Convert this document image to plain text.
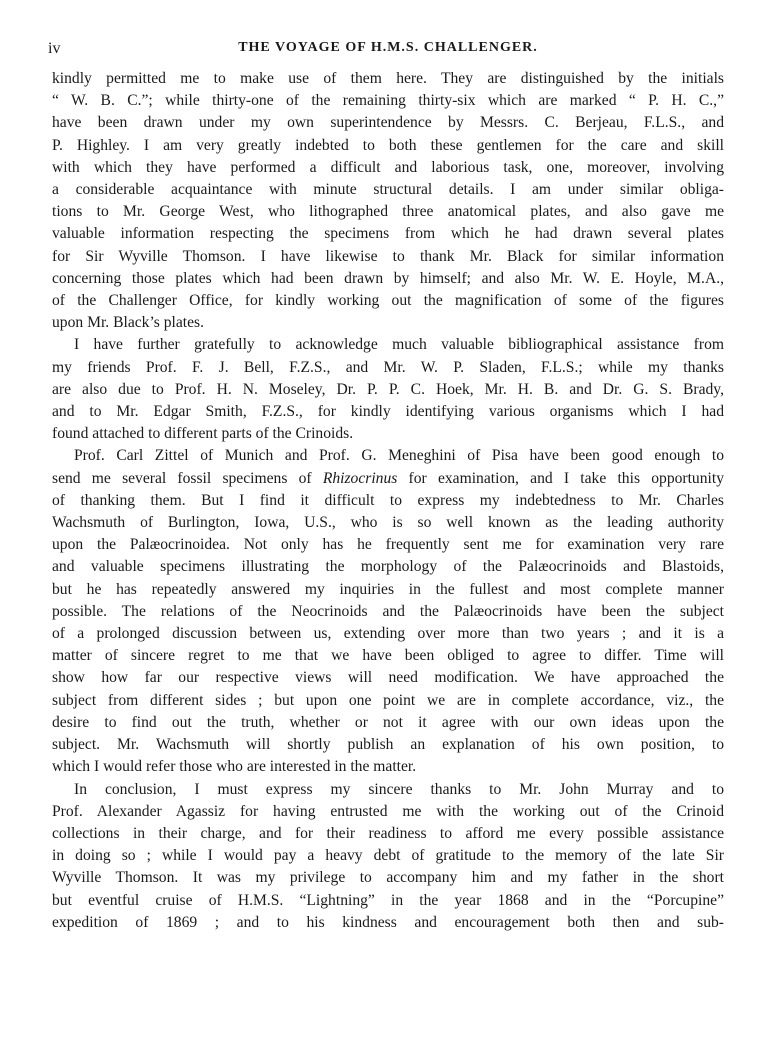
iv	THE VOYAGE OF H.M.S. CHALLENGER.
kindly permitted me to make use of them here. They are distinguished by the initials
“ W. B. C.”; while thirty-one of the remaining thirty-six which are marked “ P. H. C.,”
have been drawn under my own superintendence by Messrs. C. Berjeau, F.L.S., and
P. Highley. I am very greatly indebted to both these gentlemen for the care and skill
with which they have performed a difficult and laborious task, one, moreover, involving
a considerable acquaintance with minute structural details. I am under similar obliga-
tions to Mr. George West, who lithographed three anatomical plates, and also gave me
valuable information respecting the specimens from which he had drawn several plates
for Sir Wyville Thomson. I have likewise to thank Mr. Black for similar information
concerning those plates which had been drawn by himself; and also Mr. W. E. Hoyle, M.A.,
of the Challenger Office, for kindly working out the magnification of some of the figures
upon Mr. Black’s plates.
I have further gratefully to acknowledge much valuable bibliographical assistance from
my friends Prof. F. J. Bell, F.Z.S., and Mr. W. P. Sladen, F.L.S.; while my thanks
are also due to Prof. H. N. Moseley, Dr. P. P. C. Hoek, Mr. H. B. and Dr. G. S. Brady,
and to Mr. Edgar Smith, F.Z.S., for kindly identifying various organisms which I had
found attached to different parts of the Crinoids.
Prof. Carl Zittel of Munich and Prof. G. Meneghini of Pisa have been good enough to
send me several fossil specimens of Rhizocrinus for examination, and I take this opportunity
of thanking them. But I find it difficult to express my indebtedness to Mr. Charles
Wachsmuth of Burlington, Iowa, U.S., who is so well known as the leading authority
upon the Palæocrinoidea. Not only has he frequently sent me for examination very rare
and valuable specimens illustrating the morphology of the Palæocrinoids and Blastoids,
but he has repeatedly answered my inquiries in the fullest and most complete manner
possible. The relations of the Neocrinoids and the Palæocrinoids have been the subject
of a prolonged discussion between us, extending over more than two years ; and it is a
matter of sincere regret to me that we have been obliged to agree to differ. Time will
show how far our respective views will need modification. We have approached the
subject from different sides ; but upon one point we are in complete accordance, viz., the
desire to find out the truth, whether or not it agree with our own ideas upon the
subject. Mr. Wachsmuth will shortly publish an explanation of his own position, to
which I would refer those who are interested in the matter.
In conclusion, I must express my sincere thanks to Mr. John Murray and to
Prof. Alexander Agassiz for having entrusted me with the working out of the Crinoid
collections in their charge, and for their readiness to afford me every possible assistance
in doing so ; while I would pay a heavy debt of gratitude to the memory of the late Sir
Wyville Thomson. It was my privilege to accompany him and my father in the short
but eventful cruise of H.M.S. “Lightning” in the year 1868 and in the “Porcupine”
expedition of 1869 ; and to his kindness and encouragement both then and sub-
